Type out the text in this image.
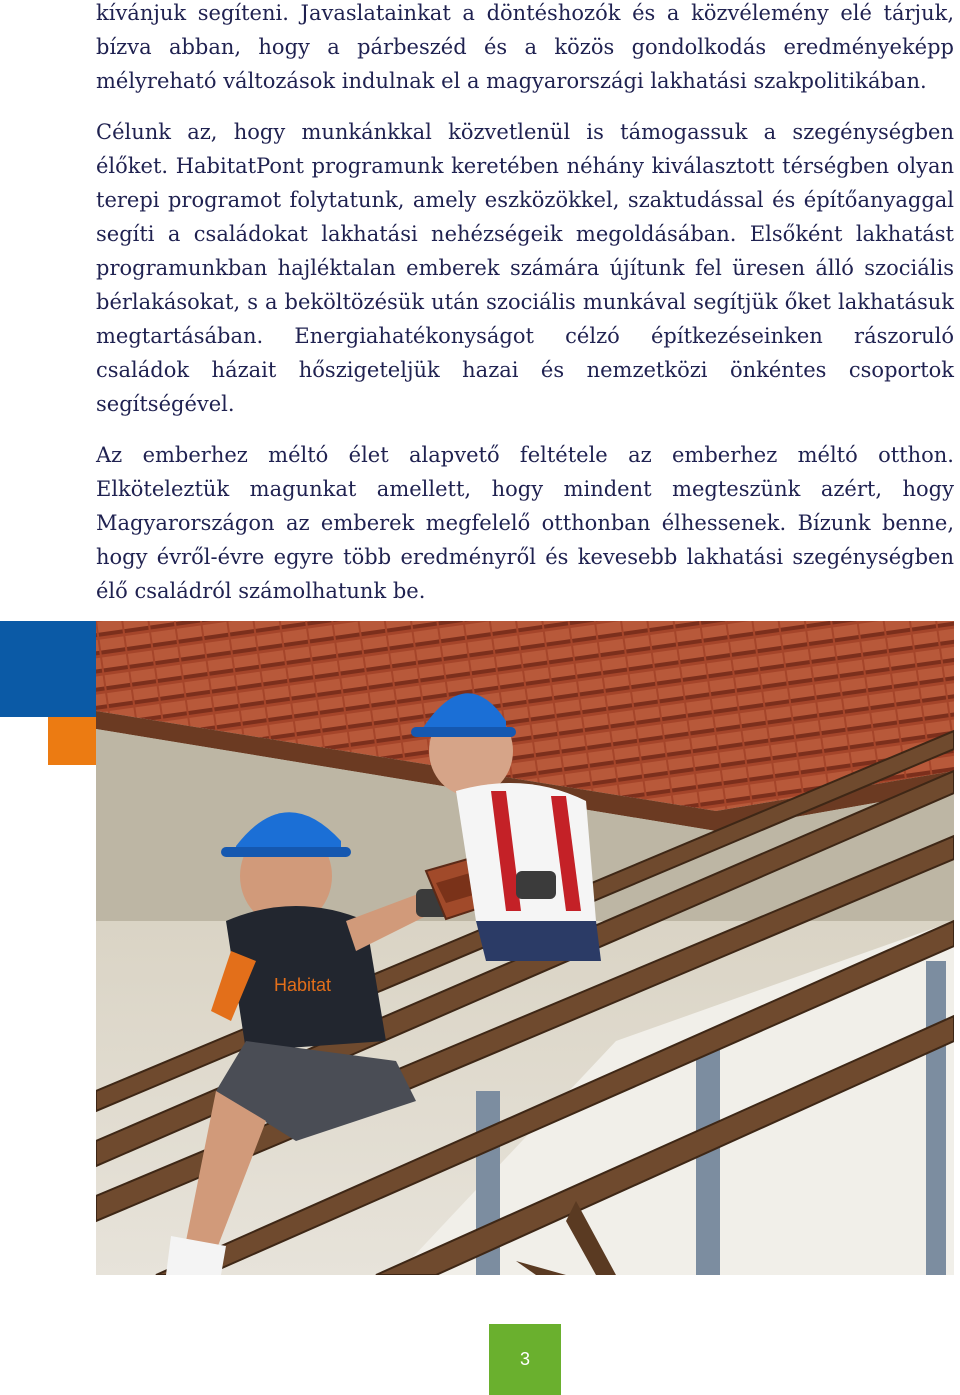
kívánjuk segíteni. Javaslatainkat a döntéshozók és a közvélemény elé tárjuk, bízva abban, hogy a párbeszéd és a közös gondolkodás eredményeképp mélyreható változások indulnak el a magyarországi lakhatási szakpolitikában.

Célunk az, hogy munkánkkal közvetlenül is támogassuk a szegénységben élőket. HabitatPont programunk keretében néhány kiválasztott térségben olyan terepi programot folytatunk, amely eszközökkel, szaktudással és építőanyaggal segíti a családokat lakhatási nehézségeik megoldásában. Elsőként lakhatást programunkban hajléktalan emberek számára újítunk fel üresen álló szociális bérlakásokat, s a beköltözésük után szociális munkával segítjük őket lakhatásuk megtartásában. Energiahatékonyságot célzó építkezéseinken rászoruló családok házait hőszigeteljük hazai és nemzetközi önkéntes csoportok segítségével.

Az emberhez méltó élet alapvető feltétele az emberhez méltó otthon. Elköteleztük magunkat amellett, hogy mindent megteszünk azért, hogy Magyarországon az emberek megfelelő otthonban élhessenek. Bízunk benne, hogy évről-évre egyre több eredményről és kevesebb lakhatási szegénységben élő családról számolhatunk be.

Habitat
3
